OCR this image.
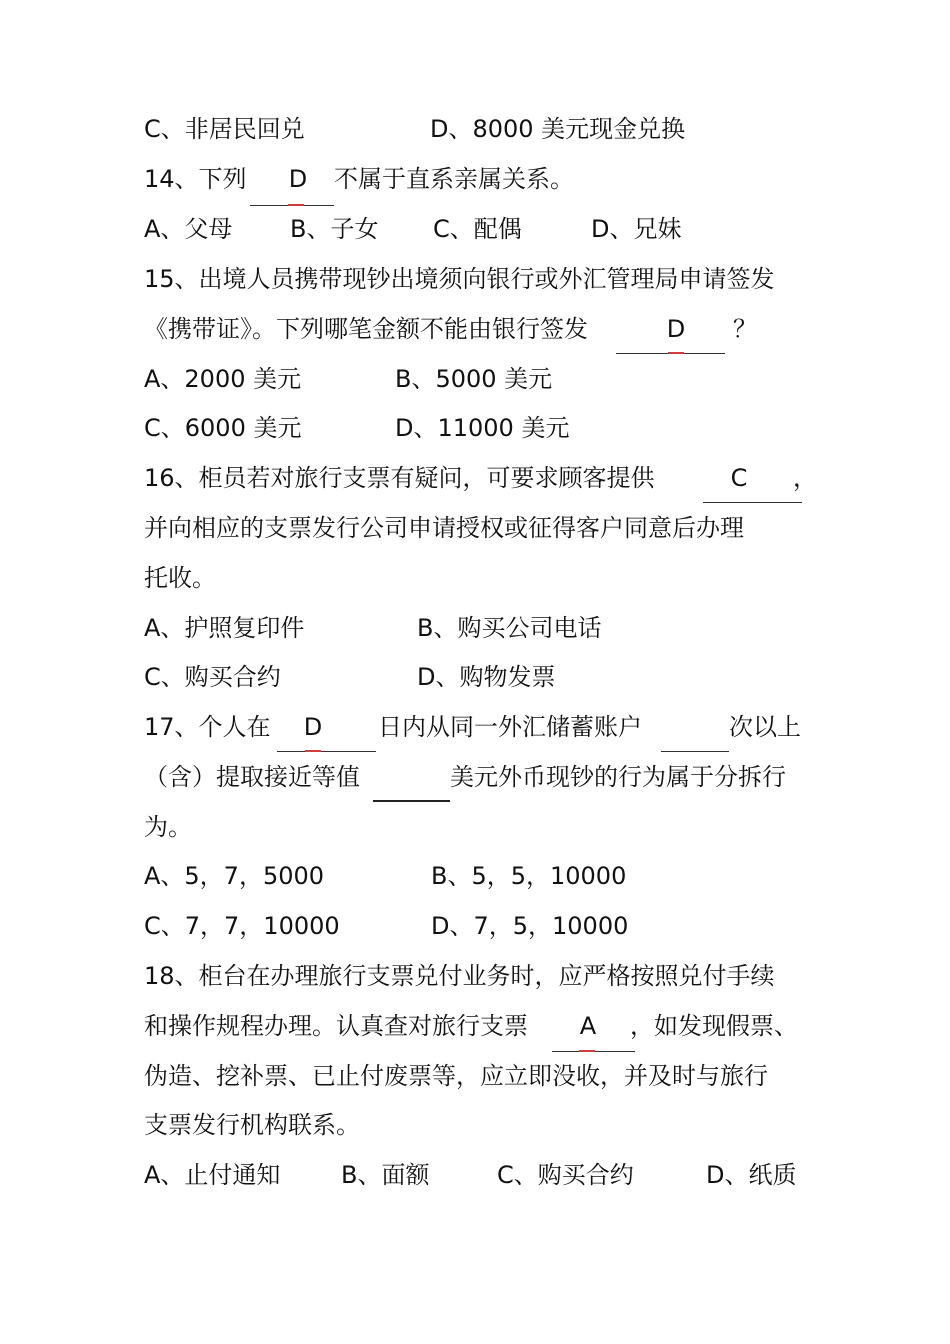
C、非居民回兑	D、8000 美元现金兑换
14、下列	D	不属于直系亲属关系。
A、父母 B、子女 C、配偶	D、兄妹
15、出境人员携带现钞出境须向银行或外汇管理局申请签发
《携带证》。下列哪笔金额不能由银行签发	D	？
A、2000 美元	B、5000 美元
C、6000 美元	D、11000 美元
16、柜员若对旅行支票有疑问，可要求顾客提供	C	，
并向相应的支票发行公司申请授权或征得客户同意后办理
托收。
A、护照复印件	B、购买公司电话
C、购买合约	D、购物发票
17、个人在	D	日内从同一外汇储蓄账户	次以上
（含）提取接近等值	美元外币现钞的行为属于分拆行
为。
A、5，7，5000	B、5，5，10000
C、7，7，10000	D、7，5，10000
18、柜台在办理旅行支票兑付业务时，应严格按照兑付手续
和操作规程办理。认真查对旅行支票	A	，如发现假票、
伪造、挖补票、已止付废票等，应立即没收，并及时与旅行
支票发行机构联系。
A、止付通知	B、面额	C、购买合约	D、纸质
